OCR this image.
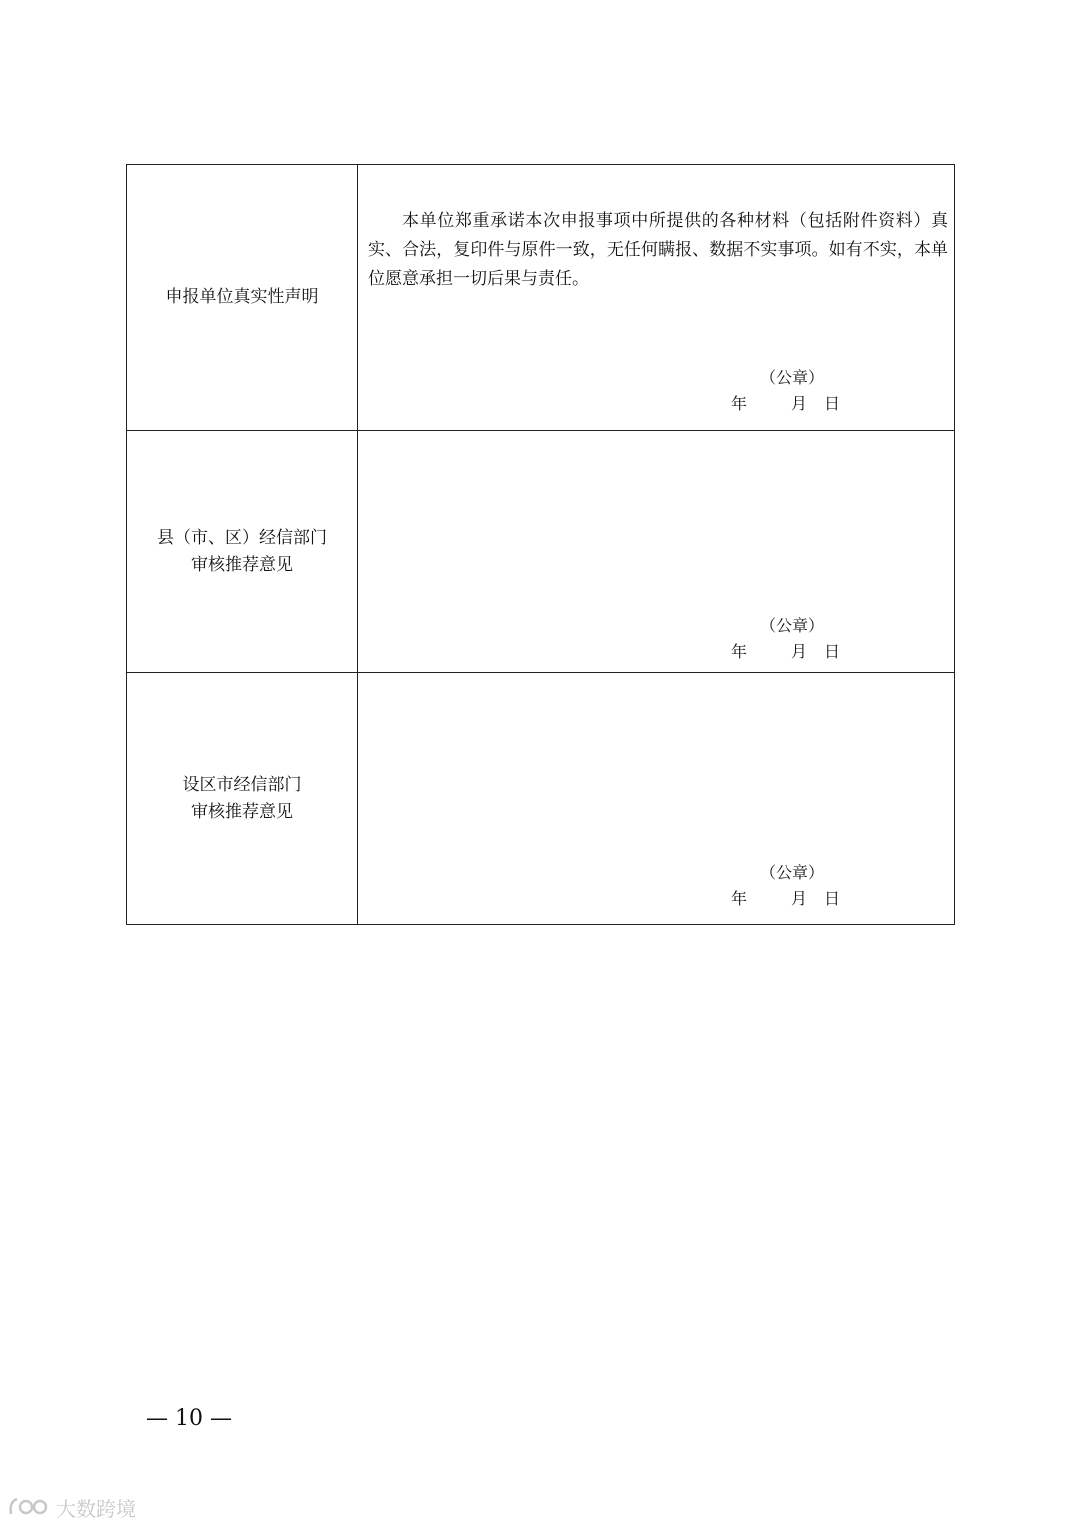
申报单位真实性声明	本单位郑重承诺本次申报事项中所提供的各种材料（包括附件资料）真实、合法，复印件与原件一致，无任何瞒报、数据不实事项。如有不实，本单位愿意承担一切后果与责任。

（公章）
年 月 日

县（市、区）经信部门
审核推荐意见	（公章）
年 月 日

设区市经信部门
审核推荐意见	（公章）
年 月 日
— 10 —
大数跨境
